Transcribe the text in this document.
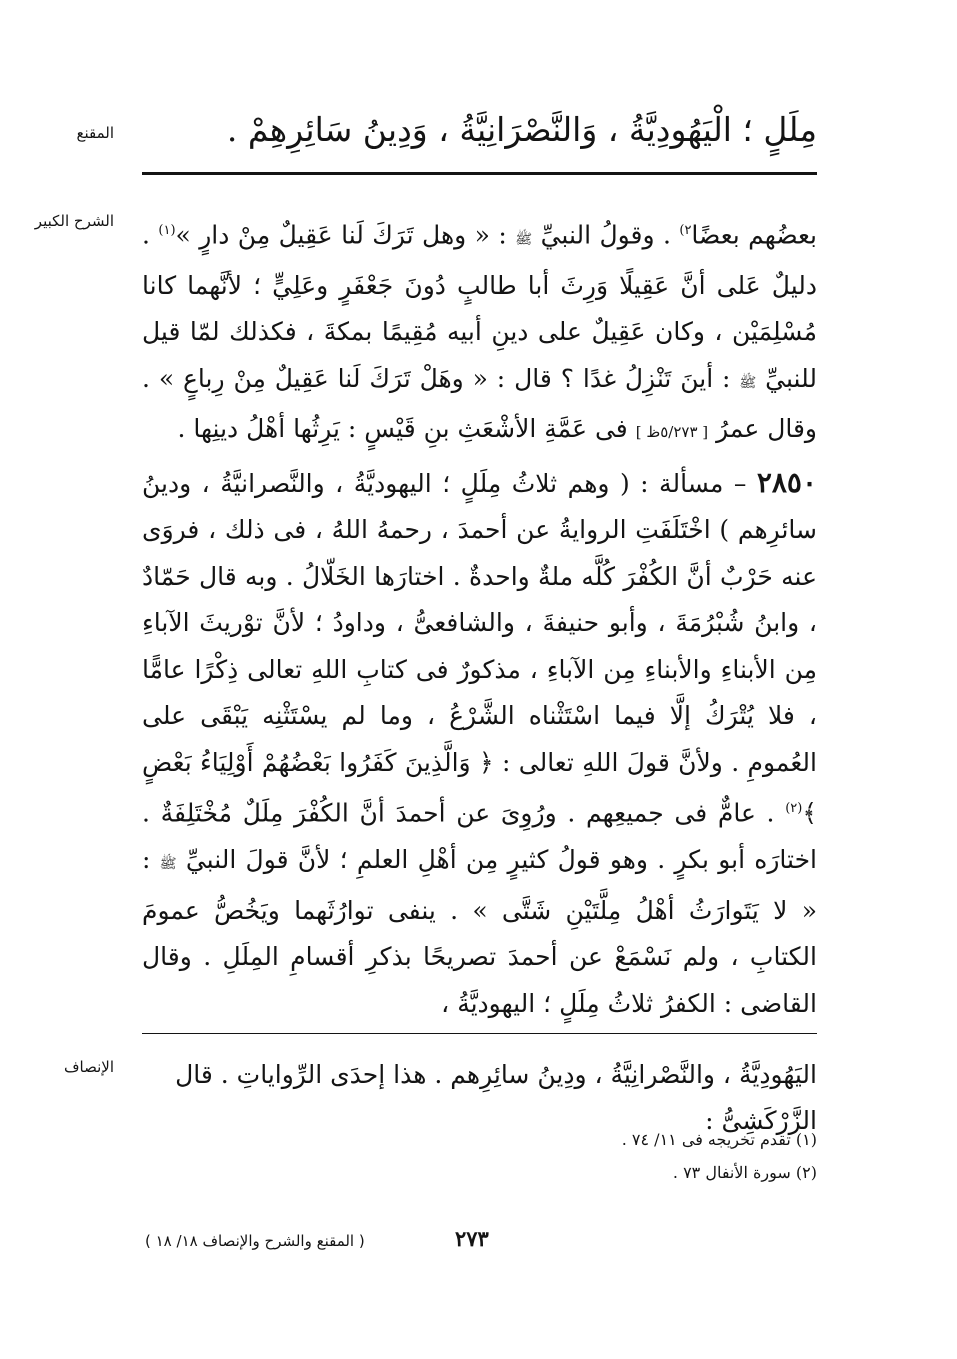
المقنع	مِلَلٍ ؛ الْيَهُودِيَّةُ ، وَالنَّصْرَانِيَّةُ ، وَدِينُ سَائِرِهِمْ .
الشرح الكبير	بعضُهم بعضًا$^{٢)}$ . وقولُ النبيِّ ﷺ : « وهل تَرَكَ لَنا عَقِيلٌ مِنْ دارٍ »$^{(١)}$ . دليلٌ عَلى أنَّ عَقِيلًا وَرِثَ أبا طالبٍ دُونَ جَعْفَرٍ وعَلِيٍّ ؛ لأنَّهما كانا مُسْلِمَيْن ، وكان عَقِيلٌ على دينِ أبيه مُقِيمًا بمكةَ ، فكذلك لمّا قيل للنبيِّ ﷺ : أينَ تَنْزِلُ غدًا ؟ قال : « وهَلْ تَرَكَ لَنا عَقِيلٌ مِنْ رِباعٍ » . وقال عمرُ [ ٥/٢٧٣ظ ] فى عَمَّةِ الأشْعَثِ بنِ قَيْسٍ : يَرِثُها أهْلُ دينِها .

٢٨٥٠ – مسألة : ( وهم ثلاثُ مِلَلٍ ؛ اليهوديَّةُ ، والنَّصرانيَّةُ ، ودينُ سائرِهم ) اخْتَلَفَتِ الروايةُ عن أحمدَ ، رحمهُ اللهُ ، فى ذلك ، فروَى عنه حَرْبٌ أنَّ الكُفْرَ كُلَّه ملةٌ واحدةٌ . اختارَها الخَلّالُ . وبه قال حَمّادٌ ، وابنُ شُبْرُمَةَ ، وأبو حنيفةَ ، والشافعىُّ ، وداودُ ؛ لأنَّ توْريثَ الآباءِ مِن الأبناءِ والأبناءِ مِن الآباءِ ، مذكورٌ فى كتابِ اللهِ تعالى ذِكْرًا عامًّا ، فلا يُتْرَكُ إلَّا فيما اسْتَثْناه الشَّرْعُ ، وما لم يسْتَثْنِه يَبْقَى على العُمومِ . ولأنَّ قولَ اللهِ تعالى : ﴿ وَالَّذِينَ كَفَرُوا بَعْضُهُمْ أَوْلِيَاءُ بَعْضٍ ﴾$^{(٢)}$ . عامٌّ فى جميعِهم . ورُوِىَ عن أحمدَ أنَّ الكُفْرَ مِلَلٌ مُخْتَلِفَةٌ . اختارَه أبو بكرٍ . وهو قولُ كثيرٍ مِن أهْلِ العلمِ ؛ لأنَّ قولَ النبيِّ ﷺ : « لا يَتَوارَثُ أهْلُ مِلَّتَيْنِ شَتَّى » . ينفى توارُثَهما ويَخُصُّ عمومَ الكتابِ ، ولم نَسْمَعْ عن أحمدَ تصريحًا بذكرِ أقسامِ المِلَلِ . وقال القاضى : الكفرُ ثلاثُ مِلَلٍ ؛ اليهوديَّةُ ،

الإنصاف	اليَهُودِيَّةُ ، والنَّصْرانِيَّةُ ، ودِينُ سائِرِهم . هذا إحدَى الرِّواياتِ . قال الزَّرْكَشِىُّ :
(١) تقدم تخريجه فى ١١/ ٧٤ .
(٢) سورة الأنفال ٧٣ .
( المقنع والشرح والإنصاف ١٨/ ١٨ )	٢٧٣
